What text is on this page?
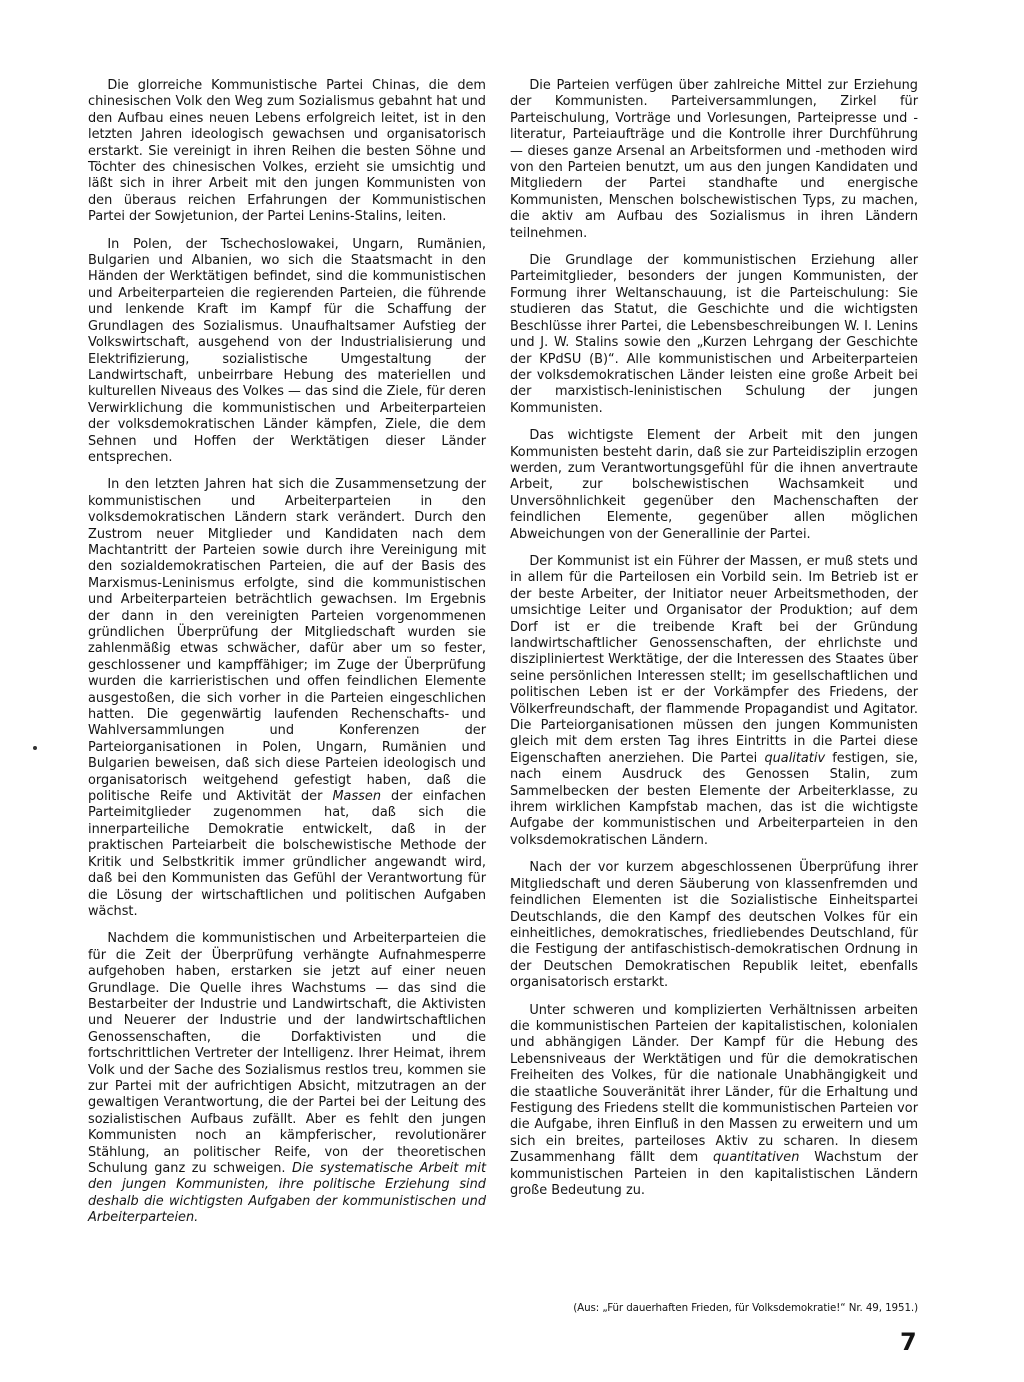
Die glorreiche Kommunistische Partei Chinas, die dem chinesischen Volk den Weg zum Sozialismus gebahnt hat und den Aufbau eines neuen Lebens erfolgreich leitet, ist in den letzten Jahren ideologisch gewachsen und organisatorisch erstarkt. Sie vereinigt in ihren Reihen die besten Söhne und Töchter des chinesischen Volkes, erzieht sie umsichtig und läßt sich in ihrer Arbeit mit den jungen Kommunisten von den überaus reichen Erfahrungen der Kommunistischen Partei der Sowjetunion, der Partei Lenins-Stalins, leiten.

In Polen, der Tschechoslowakei, Ungarn, Rumänien, Bulgarien und Albanien, wo sich die Staatsmacht in den Händen der Werktätigen befindet, sind die kommunistischen und Arbeiterparteien die regierenden Parteien, die führende und lenkende Kraft im Kampf für die Schaffung der Grundlagen des Sozialismus. Unaufhaltsamer Aufstieg der Volkswirtschaft, ausgehend von der Industrialisierung und Elektrifizierung, sozialistische Umgestaltung der Landwirtschaft, unbeirrbare Hebung des materiellen und kulturellen Niveaus des Volkes — das sind die Ziele, für deren Verwirklichung die kommunistischen und Arbeiterparteien der volksdemokratischen Länder kämpfen, Ziele, die dem Sehnen und Hoffen der Werktätigen dieser Länder entsprechen.

In den letzten Jahren hat sich die Zusammensetzung der kommunistischen und Arbeiterparteien in den volksdemokratischen Ländern stark verändert. Durch den Zustrom neuer Mitglieder und Kandidaten nach dem Machtantritt der Parteien sowie durch ihre Vereinigung mit den sozialdemokratischen Parteien, die auf der Basis des Marxismus-Leninismus erfolgte, sind die kommunistischen und Arbeiterparteien beträchtlich gewachsen. Im Ergebnis der dann in den vereinigten Parteien vorgenommenen gründlichen Überprüfung der Mitgliedschaft wurden sie zahlenmäßig etwas schwächer, dafür aber um so fester, geschlossener und kampffähiger; im Zuge der Überprüfung wurden die karrieristischen und offen feindlichen Elemente ausgestoßen, die sich vorher in die Parteien eingeschlichen hatten. Die gegenwärtig laufenden Rechenschafts- und Wahlversammlungen und Konferenzen der Parteiorganisationen in Polen, Ungarn, Rumänien und Bulgarien beweisen, daß sich diese Parteien ideologisch und organisatorisch weitgehend gefestigt haben, daß die politische Reife und Aktivität der Massen der einfachen Parteimitglieder zugenommen hat, daß sich die innerparteiliche Demokratie entwickelt, daß in der praktischen Parteiarbeit die bolschewistische Methode der Kritik und Selbstkritik immer gründlicher angewandt wird, daß bei den Kommunisten das Gefühl der Verantwortung für die Lösung der wirtschaftlichen und politischen Aufgaben wächst.

Nachdem die kommunistischen und Arbeiterparteien die für die Zeit der Überprüfung verhängte Aufnahmesperre aufgehoben haben, erstarken sie jetzt auf einer neuen Grundlage. Die Quelle ihres Wachstums — das sind die Bestarbeiter der Industrie und Landwirtschaft, die Aktivisten und Neuerer der Industrie und der landwirtschaftlichen Genossenschaften, die Dorfaktivisten und die fortschrittlichen Vertreter der Intelligenz. Ihrer Heimat, ihrem Volk und der Sache des Sozialismus restlos treu, kommen sie zur Partei mit der aufrichtigen Absicht, mitzutragen an der gewaltigen Verantwortung, die der Partei bei der Leitung des sozialistischen Aufbaus zufällt. Aber es fehlt den jungen Kommunisten noch an kämpferischer, revolutionärer Stählung, an politischer Reife, von der theoretischen Schulung ganz zu schweigen. Die systematische Arbeit mit den jungen Kommunisten, ihre politische Erziehung sind deshalb die wichtigsten Aufgaben der kommunistischen und Arbeiterparteien.

Die Parteien verfügen über zahlreiche Mittel zur Erziehung der Kommunisten. Parteiversammlungen, Zirkel für Parteischulung, Vorträge und Vorlesungen, Parteipresse und -literatur, Parteiaufträge und die Kontrolle ihrer Durchführung — dieses ganze Arsenal an Arbeitsformen und -methoden wird von den Parteien benutzt, um aus den jungen Kandidaten und Mitgliedern der Partei standhafte und energische Kommunisten, Menschen bolschewistischen Typs, zu machen, die aktiv am Aufbau des Sozialismus in ihren Ländern teilnehmen.

Die Grundlage der kommunistischen Erziehung aller Parteimitglieder, besonders der jungen Kommunisten, der Formung ihrer Weltanschauung, ist die Parteischulung: Sie studieren das Statut, die Geschichte und die wichtigsten Beschlüsse ihrer Partei, die Lebensbeschreibungen W. I. Lenins und J. W. Stalins sowie den „Kurzen Lehrgang der Geschichte der KPdSU (B)“. Alle kommunistischen und Arbeiterparteien der volksdemokratischen Länder leisten eine große Arbeit bei der marxistisch-leninistischen Schulung der jungen Kommunisten.

Das wichtigste Element der Arbeit mit den jungen Kommunisten besteht darin, daß sie zur Parteidisziplin erzogen werden, zum Verantwortungsgefühl für die ihnen anvertraute Arbeit, zur bolschewistischen Wachsamkeit und Unversöhnlichkeit gegenüber den Machenschaften der feindlichen Elemente, gegenüber allen möglichen Abweichungen von der Generallinie der Partei.

Der Kommunist ist ein Führer der Massen, er muß stets und in allem für die Parteilosen ein Vorbild sein. Im Betrieb ist er der beste Arbeiter, der Initiator neuer Arbeitsmethoden, der umsichtige Leiter und Organisator der Produktion; auf dem Dorf ist er die treibende Kraft bei der Gründung landwirtschaftlicher Genossenschaften, der ehrlichste und diszipliniertest Werktätige, der die Interessen des Staates über seine persönlichen Interessen stellt; im gesellschaftlichen und politischen Leben ist er der Vorkämpfer des Friedens, der Völkerfreundschaft, der flammende Propagandist und Agitator. Die Parteiorganisationen müssen den jungen Kommunisten gleich mit dem ersten Tag ihres Eintritts in die Partei diese Eigenschaften anerziehen. Die Partei qualitativ festigen, sie, nach einem Ausdruck des Genossen Stalin, zum Sammelbecken der besten Elemente der Arbeiterklasse, zu ihrem wirklichen Kampfstab machen, das ist die wichtigste Aufgabe der kommunistischen und Arbeiterparteien in den volksdemokratischen Ländern.

Nach der vor kurzem abgeschlossenen Überprüfung ihrer Mitgliedschaft und deren Säuberung von klassenfremden und feindlichen Elementen ist die Sozialistische Einheitspartei Deutschlands, die den Kampf des deutschen Volkes für ein einheitliches, demokratisches, friedliebendes Deutschland, für die Festigung der antifaschistisch-demokratischen Ordnung in der Deutschen Demokratischen Republik leitet, ebenfalls organisatorisch erstarkt.

Unter schweren und komplizierten Verhältnissen arbeiten die kommunistischen Parteien der kapitalistischen, kolonialen und abhängigen Länder. Der Kampf für die Hebung des Lebensniveaus der Werktätigen und für die demokratischen Freiheiten des Volkes, für die nationale Unabhängigkeit und die staatliche Souveränität ihrer Länder, für die Erhaltung und Festigung des Friedens stellt die kommunistischen Parteien vor die Aufgabe, ihren Einfluß in den Massen zu erweitern und um sich ein breites, parteiloses Aktiv zu scharen. In diesem Zusammenhang fällt dem quantitativen Wachstum der kommunistischen Parteien in den kapitalistischen Ländern große Bedeutung zu.

(Aus: „Für dauerhaften Frieden, für Volksdemokratie!“ Nr. 49, 1951.)
7
